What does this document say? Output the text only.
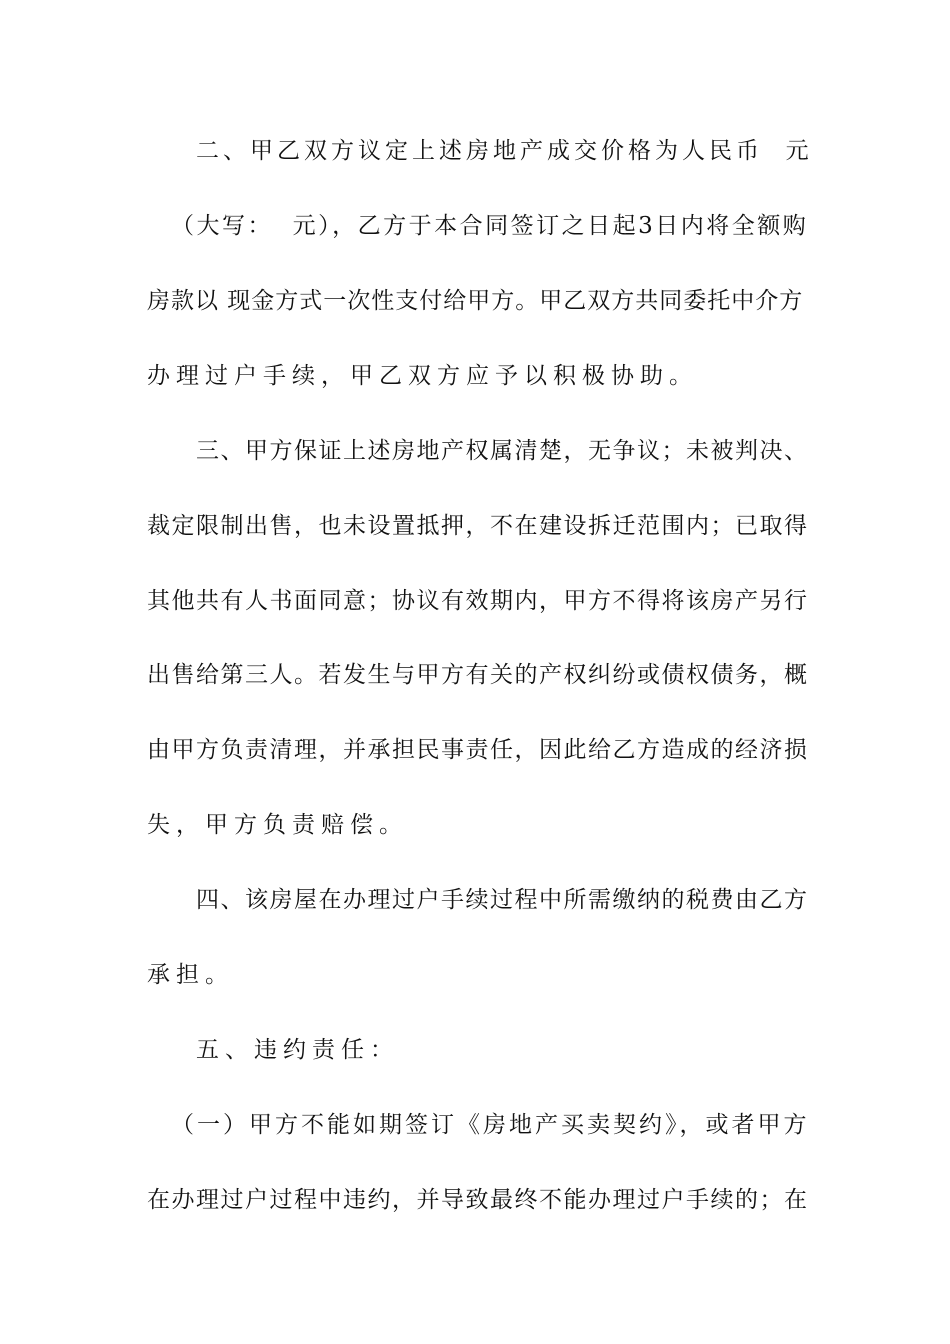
二、甲乙双方议定上述房地产成交价格为人民币  元
（大写：  元），乙方于本合同签订之日起3日内将全额购
房款以 现金方式一次性支付给甲方。甲乙双方共同委托中介方
办理过户手续，甲乙双方应予以积极协助。
三、甲方保证上述房地产权属清楚，无争议；未被判决、
裁定限制出售，也未设置抵押，不在建设拆迁范围内；已取得
其他共有人书面同意；协议有效期内，甲方不得将该房产另行
出售给第三人。若发生与甲方有关的产权纠纷或债权债务，概
由甲方负责清理，并承担民事责任，因此给乙方造成的经济损
失，甲方负责赔偿。
四、该房屋在办理过户手续过程中所需缴纳的税费由乙方
承担。
五、违约责任：
（一）甲方不能如期签订《房地产买卖契约》，或者甲方
在办理过户过程中违约，并导致最终不能办理过户手续的；在
